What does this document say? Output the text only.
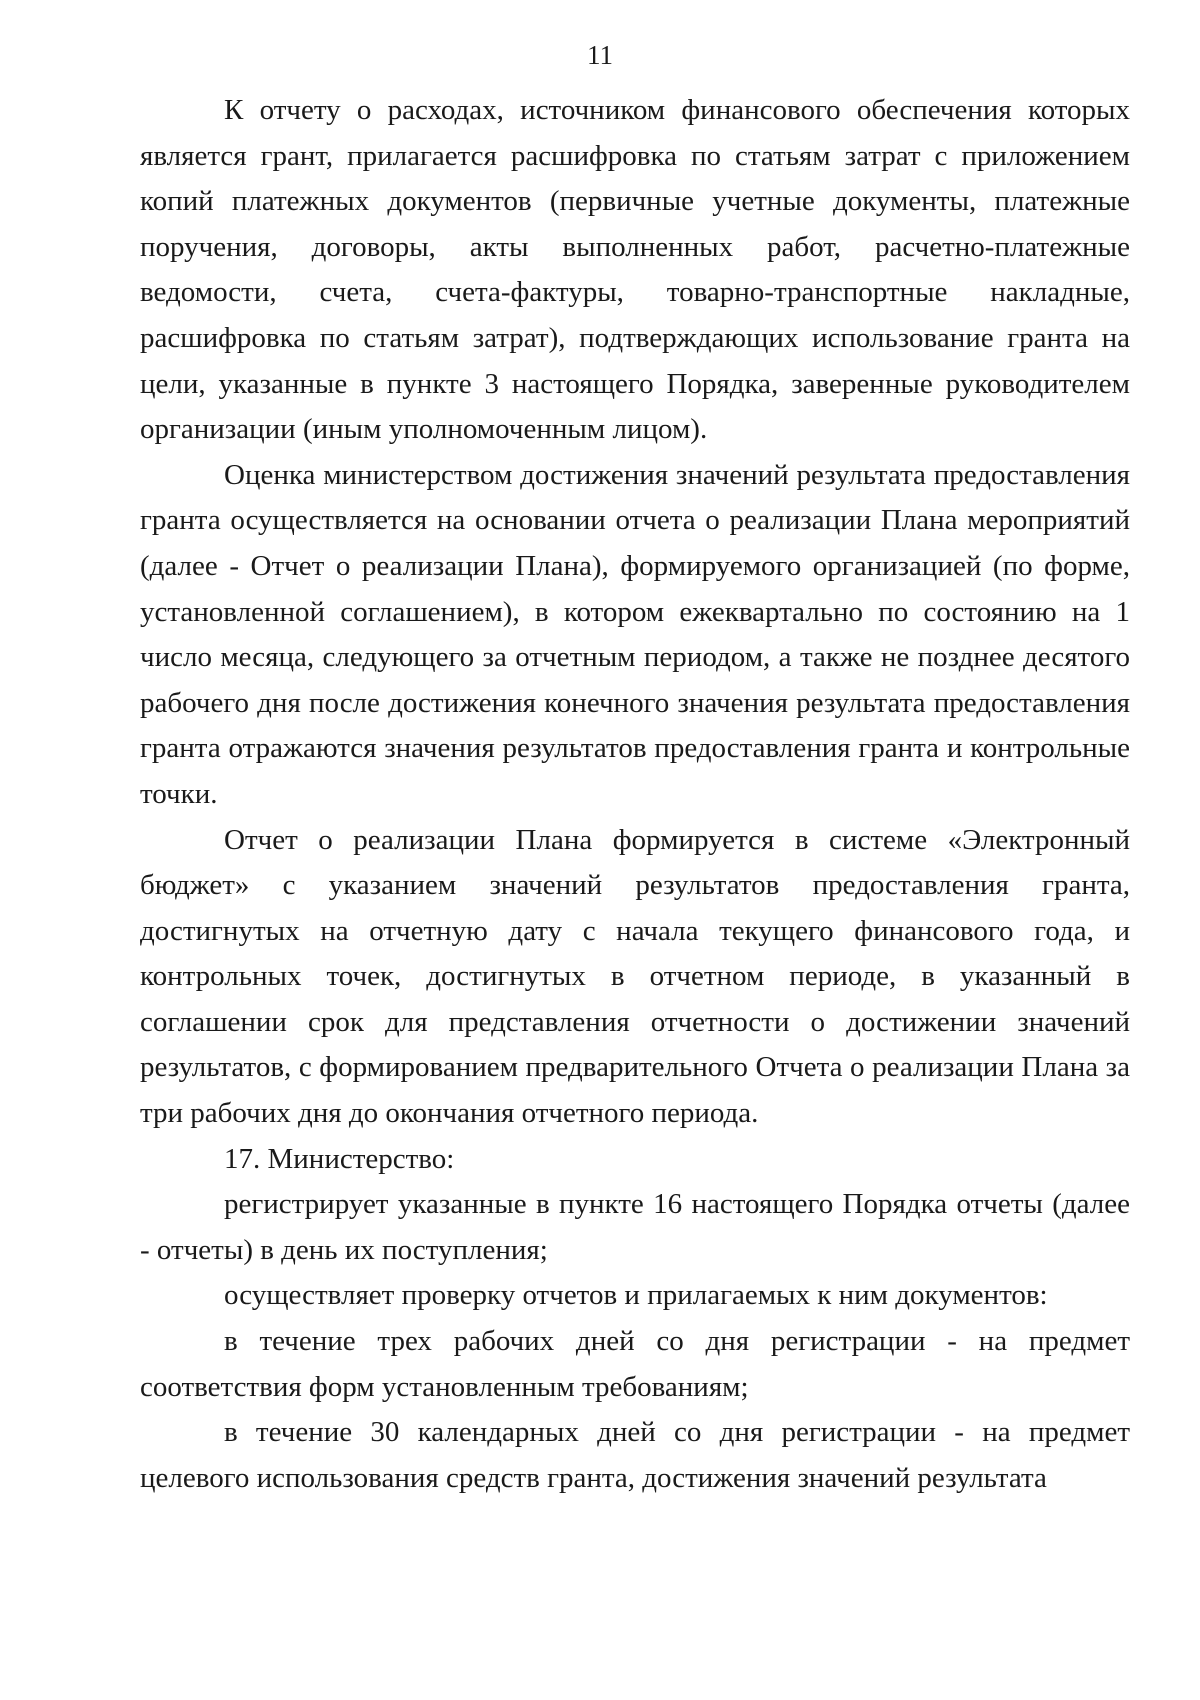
11

К отчету о расходах, источником финансового обеспечения которых является грант, прилагается расшифровка по статьям затрат с приложением копий платежных документов (первичные учетные документы, платежные поручения, договоры, акты выполненных работ, расчетно-платежные ведомости, счета, счета-фактуры, товарно-транспортные накладные, расшифровка по статьям затрат), подтверждающих использование гранта на цели, указанные в пункте 3 настоящего Порядка, заверенные руководителем организации (иным уполномоченным лицом).

Оценка министерством достижения значений результата предоставления гранта осуществляется на основании отчета о реализации Плана мероприятий (далее - Отчет о реализации Плана), формируемого организацией (по форме, установленной соглашением), в котором ежеквартально по состоянию на 1 число месяца, следующего за отчетным периодом, а также не позднее десятого рабочего дня после достижения конечного значения результата предоставления гранта отражаются значения результатов предоставления гранта и контрольные точки.

Отчет о реализации Плана формируется в системе «Электронный бюджет» с указанием значений результатов предоставления гранта, достигнутых на отчетную дату с начала текущего финансового года, и контрольных точек, достигнутых в отчетном периоде, в указанный в соглашении срок для представления отчетности о достижении значений результатов, с формированием предварительного Отчета о реализации Плана за три рабочих дня до окончания отчетного периода.

17. Министерство:

регистрирует указанные в пункте 16 настоящего Порядка отчеты (далее - отчеты) в день их поступления;

осуществляет проверку отчетов и прилагаемых к ним документов:

в течение трех рабочих дней со дня регистрации - на предмет соответствия форм установленным требованиям;

в течение 30 календарных дней со дня регистрации - на предмет целевого использования средств гранта, достижения значений результата
